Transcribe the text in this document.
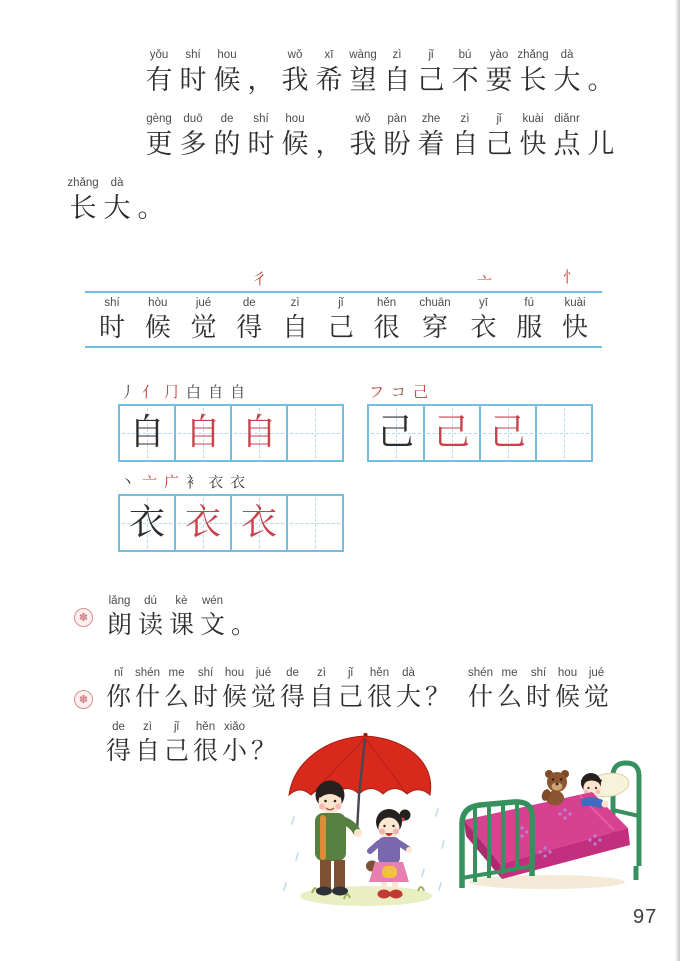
yǒu
有
shí
时
hou
候 ，
wǒ
我
xī
希
wàng
望
zì
自
jǐ
己
bú
不
yào
要
zhǎng
长
dà
大 。
gèng
更
duō
多
de
的
shí
时
hou
候 ，
wǒ
我
pàn
盼
zhe
着
zì
自
jǐ
己
kuài
快
diǎnr
点 儿
zhǎng
长
dà
大 。
彳	亠	忄
shí
时
hòu
候
jué
觉
de
得
zì
自
jǐ
己
hěn
很
chuān
穿
yī
衣
fú
服
kuài
快
丿 亻 ⺆ 白 自 自
自 自 自
フ コ 己
己 己 己
丶 亠 广 衤 衣 衣
衣 衣 衣
✽
lǎng
朗
dú
读
kè
课
wén
文 。
✽
nǐ
你
shén
什
me
么
shí
时
hou
候
jué
觉
de
得
zì
自
jǐ
己
hěn
很
dà
大 ？
shén
什
me
么
shí
时
hou
候
jué
觉
de
得
zì
自
jǐ
己
hěn
很
xiǎo
小 ？
97
